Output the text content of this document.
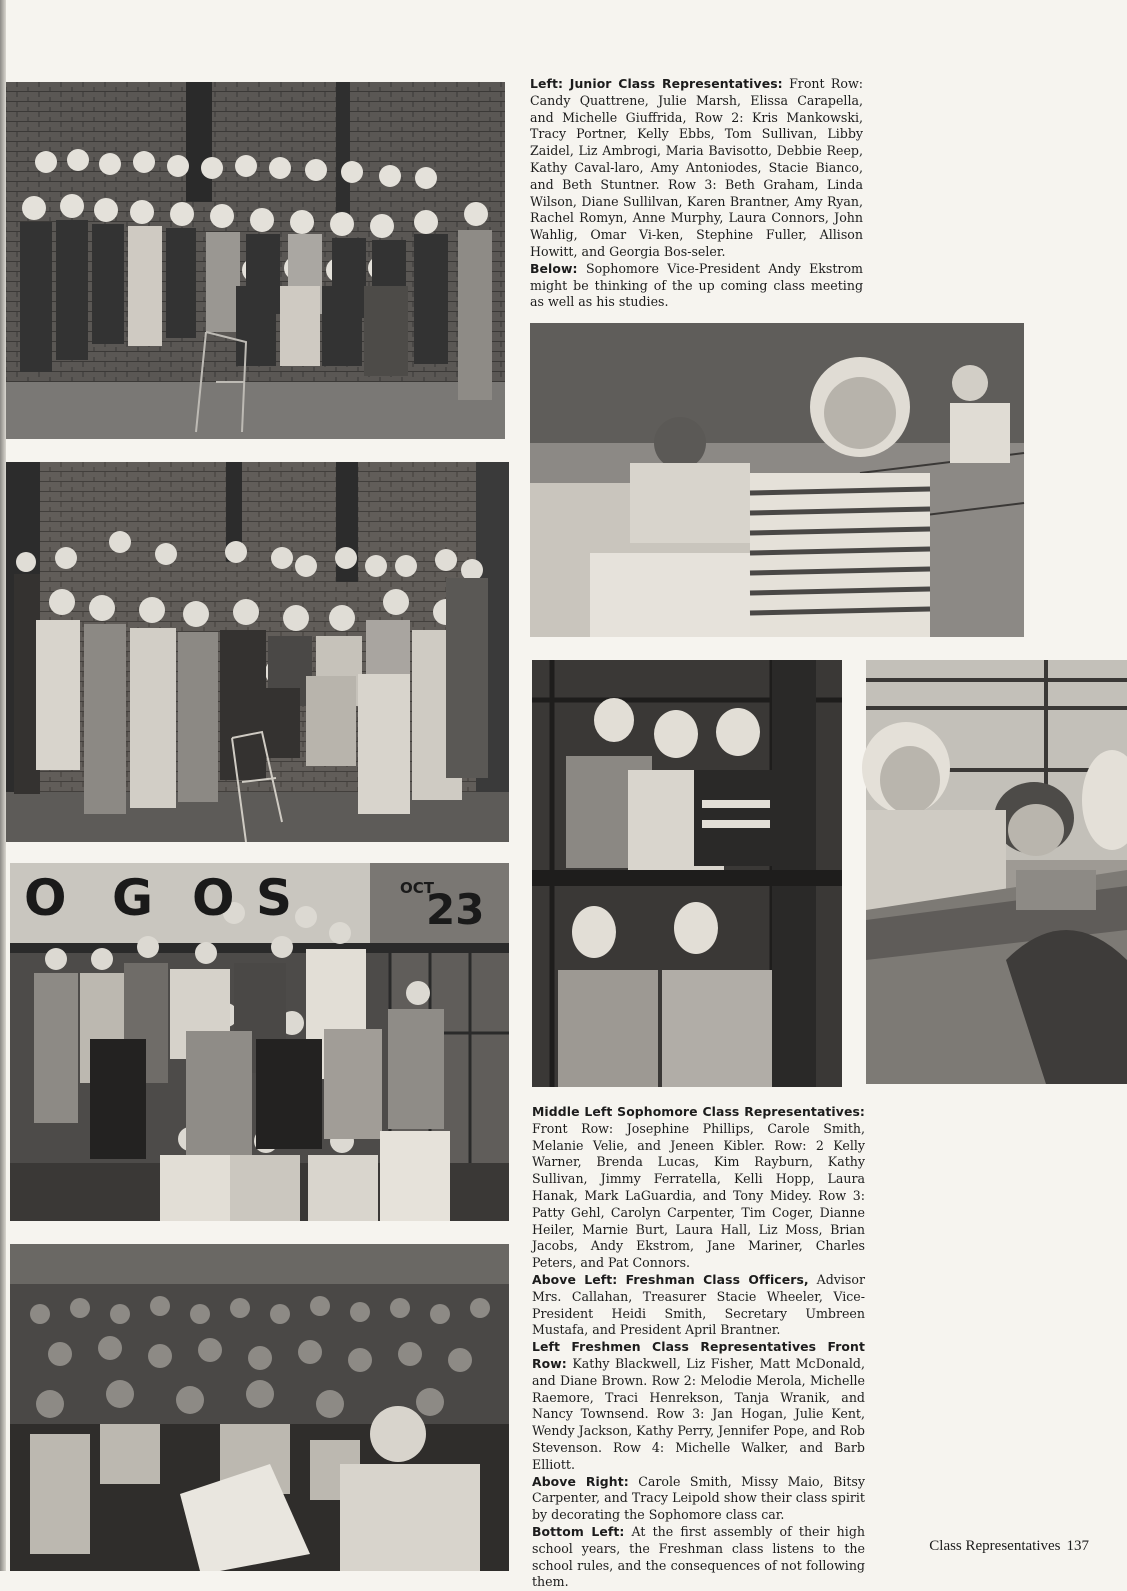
O G O S	OCT
23

Left: Junior Class Representatives: Front Row: Candy Quattrene, Julie Marsh, Elissa Carapella, and Michelle Giuffrida, Row 2: Kris Mankowski, Tracy Portner, Kelly Ebbs, Tom Sullivan, Libby Zaidel, Liz Ambrogi, Maria Bavisotto, Debbie Reep, Kathy Caval-laro, Amy Antoniodes, Stacie Bianco, and Beth Stuntner. Row 3: Beth Graham, Linda Wilson, Diane Sullilvan, Karen Brantner, Amy Ryan, Rachel Romyn, Anne Murphy, Laura Connors, John Wahlig, Omar Vi-ken, Stephine Fuller, Allison Howitt, and Georgia Bos-seler.

Below: Sophomore Vice-President Andy Ekstrom might be thinking of the up coming class meeting as well as his studies.

Middle Left Sophomore Class Representatives: Front Row: Josephine Phillips, Carole Smith, Melanie Velie, and Jeneen Kibler. Row: 2 Kelly Warner, Brenda Lucas, Kim Rayburn, Kathy Sullivan, Jimmy Ferratella, Kelli Hopp, Laura Hanak, Mark LaGuardia, and Tony Midey. Row 3: Patty Gehl, Carolyn Carpenter, Tim Coger, Dianne Heiler, Marnie Burt, Laura Hall, Liz Moss, Brian Jacobs, Andy Ekstrom, Jane Mariner, Charles Peters, and Pat Connors.

Above Left: Freshman Class Officers, Advisor Mrs. Callahan, Treasurer Stacie Wheeler, Vice-President Heidi Smith, Secretary Umbreen Mustafa, and President April Brantner.

Left Freshmen Class Representatives Front Row: Kathy Blackwell, Liz Fisher, Matt McDonald, and Diane Brown. Row 2: Melodie Merola, Michelle Raemore, Traci Henrekson, Tanja Wranik, and Nancy Townsend. Row 3: Jan Hogan, Julie Kent, Wendy Jackson, Kathy Perry, Jennifer Pope, and Rob Stevenson. Row 4: Michelle Walker, and Barb Elliott.

Above Right: Carole Smith, Missy Maio, Bitsy Carpenter, and Tracy Leipold show their class spirit by decorating the Sophomore class car.

Bottom Left: At the first assembly of their high school years, the Freshman class listens to the school rules, and the consequences of not following them.

Class Representatives 137
